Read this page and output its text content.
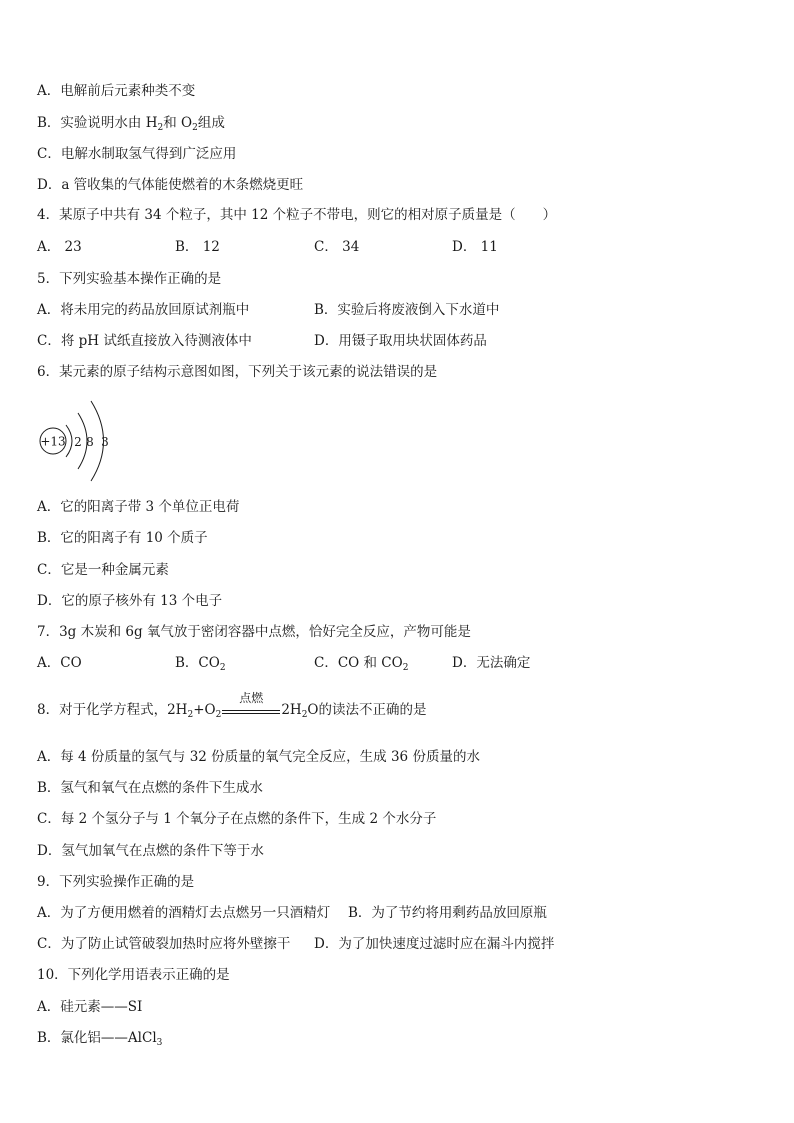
A．电解前后元素种类不变
B．实验说明水由 $H_2$和 $O_2$组成
C．电解水制取氢气得到广泛应用
D．a 管收集的气体能使燃着的木条燃烧更旺
4．某原子中共有 34 个粒子，其中 12 个粒子不带电，则它的相对原子质量是（　　）
A． 23	B． 12	C． 34	D． 11
5．下列实验基本操作正确的是
A．将未用完的药品放回原试剂瓶中	B．实验后将废液倒入下水道中
C．将 pH 试纸直接放入待测液体中	D．用镊子取用块状固体药品
6．某元素的原子结构示意图如图，下列关于该元素的说法错误的是
+13 2 8 3
A．它的阳离子带 3 个单位正电荷
B．它的阳离子有 10 个质子
C．它是一种金属元素
D．它的原子核外有 13 个电子
7．3g 木炭和 6g 氧气放于密闭容器中点燃，恰好完全反应，产物可能是
A．CO	B．$CO_2$	C．CO 和 $CO_2$	D．无法确定
8．对于化学方程式，$2H_2+O_2$
点燃
$2H_2O$的读法不正确的是
A．每 4 份质量的氢气与 32 份质量的氧气完全反应，生成 36 份质量的水
B．氢气和氧气在点燃的条件下生成水
C．每 2 个氢分子与 1 个氧分子在点燃的条件下，生成 2 个水分子
D．氢气加氧气在点燃的条件下等于水
9．下列实验操作正确的是
A．为了方便用燃着的酒精灯去点燃另一只酒精灯 B．为了节约将用剩药品放回原瓶
C．为了防止试管破裂加热时应将外壁擦干 D．为了加快速度过滤时应在漏斗内搅拌
10．下列化学用语表示正确的是
A．硅元素——SI
B．氯化铝——AlCl$_3$
